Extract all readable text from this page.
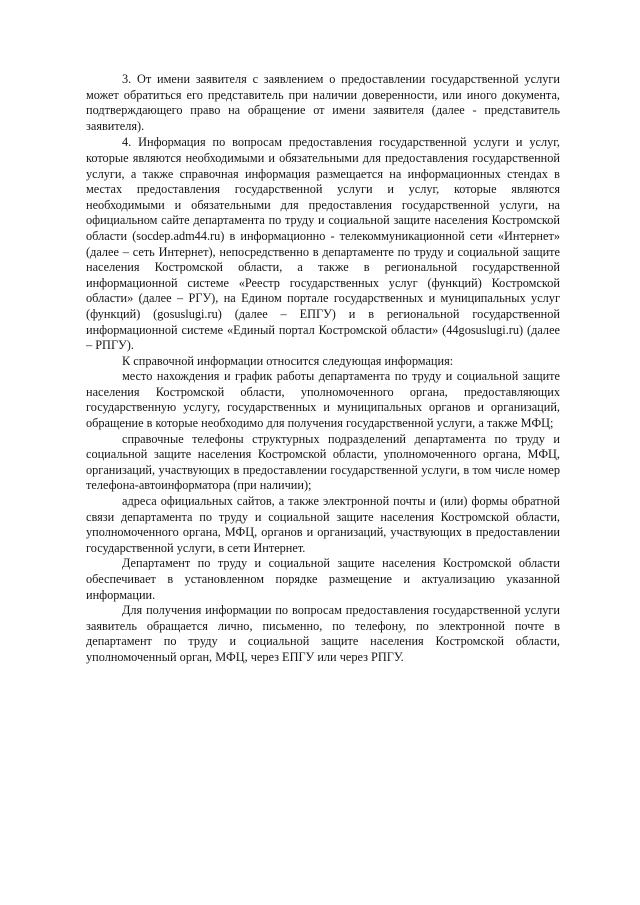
3. От имени заявителя с заявлением о предоставлении государственной услуги может обратиться его представитель при наличии доверенности, или иного документа, подтверждающего право на обращение от имени заявителя (далее - представитель заявителя).

4. Информация по вопросам предоставления государственной услуги и услуг, которые являются необходимыми и обязательными для предоставления государственной услуги, а также справочная информация размещается на информационных стендах в местах предоставления государственной услуги и услуг, которые являются необходимыми и обязательными для предоставления государственной услуги, на официальном сайте департамента по труду и социальной защите населения Костромской области (socdep.adm44.ru) в информационно - телекоммуникационной сети «Интернет» (далее – сеть Интернет), непосредственно в департаменте по труду и социальной защите населения Костромской области, а также в региональной государственной информационной системе «Реестр государственных услуг (функций) Костромской области» (далее – РГУ), на Едином портале государственных и муниципальных услуг (функций) (gosuslugi.ru) (далее – ЕПГУ) и в региональной государственной информационной системе «Единый портал Костромской области» (44gosuslugi.ru) (далее – РПГУ).

К справочной информации относится следующая информация:

место нахождения и график работы департамента по труду и социальной защите населения Костромской области, уполномоченного органа, предоставляющих государственную услугу, государственных и муниципальных органов и организаций, обращение в которые необходимо для получения государственной услуги, а также МФЦ;

справочные телефоны структурных подразделений департамента по труду и социальной защите населения Костромской области, уполномоченного органа, МФЦ, организаций, участвующих в предоставлении государственной услуги, в том числе номер телефона-автоинформатора (при наличии);

адреса официальных сайтов, а также электронной почты и (или) формы обратной связи департамента по труду и социальной защите населения Костромской области, уполномоченного органа, МФЦ, органов и организаций, участвующих в предоставлении государственной услуги, в сети Интернет.

Департамент по труду и социальной защите населения Костромской области обеспечивает в установленном порядке размещение и актуализацию указанной информации.

Для получения информации по вопросам предоставления государственной услуги заявитель обращается лично, письменно, по телефону, по электронной почте в департамент по труду и социальной защите населения Костромской области, уполномоченный орган, МФЦ, через ЕПГУ или через РПГУ.
